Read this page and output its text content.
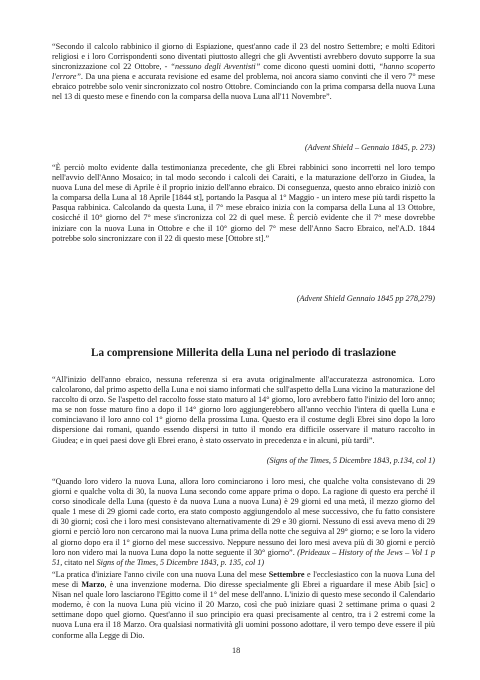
“Secondo il calcolo rabbinico il giorno di Espiazione, quest'anno cade il 23 del nostro Settembre; e molti Editori religiosi e i loro Corrispondenti sono diventati piuttosto allegri che gli Avventisti avrebbero dovuto supporre la sua sincronizzazione col 22 Ottobre, - “nessuno degli Avventisti” come dicono questi uomini dotti, “hanno scoperto l'errore”. Da una piena e accurata revisione ed esame del problema, noi ancora siamo convinti che il vero 7° mese ebraico potrebbe solo venir sincronizzato col nostro Ottobre. Cominciando con la prima comparsa della nuova Luna nel 13 di questo mese e finendo con la comparsa della nuova Luna all'11 Novembre”.

(Advent Shield – Gennaio 1845, p. 273)

“È perciò molto evidente dalla testimonianza precedente, che gli Ebrei rabbinici sono incorretti nel loro tempo nell'avvio dell'Anno Mosaico; in tal modo secondo i calcoli dei Caraiti, e la maturazione dell'orzo in Giudea, la nuova Luna del mese di Aprile è il proprio inizio dell'anno ebraico. Di conseguenza, questo anno ebraico iniziò con la comparsa della Luna al 18 Aprile [1844 st], portando la Pasqua al 1° Maggio - un intero mese più tardi rispetto la Pasqua rabbinica. Calcolando da questa Luna, il 7° mese ebraico inizia con la comparsa della Luna al 13 Ottobre, cosicché il 10° giorno del 7° mese s'incronizza col 22 di quel mese. È perciò evidente che il 7° mese dovrebbe iniziare con la nuova Luna in Ottobre e che il 10° giorno del 7° mese dell'Anno Sacro Ebraico, nel'A.D. 1844 potrebbe solo sincronizzare con il 22 di questo mese [Ottobre st].”

(Advent Shield Gennaio 1845 pp 278,279)
La comprensione Millerita della Luna nel periodo di traslazione

“All'inizio dell'anno ebraico, nessuna referenza si era avuta originalmente all'accuratezza astronomica. Loro calcolarono, dal primo aspetto della Luna e noi siamo informati che sull'aspetto della Luna vicino la maturazione del raccolto di orzo. Se l'aspetto del raccolto fosse stato maturo al 14° giorno, loro avrebbero fatto l'inizio del loro anno; ma se non fosse maturo fino a dopo il 14° giorno loro aggiungerebbero all'anno vecchio l'intera di quella Luna e cominciavano il loro anno col 1° giorno della prossima Luna. Questo era il costume degli Ebrei sino dopo la loro dispersione dai romani, quando essendo dispersi in tutto il mondo era difficile osservare il maturo raccolto in Giudea; e in quei paesi dove gli Ebrei erano, è stato osservato in precedenza e in alcuni, più tardi”.

(Signs of the Times, 5 Dicembre 1843, p.134, col 1)

“Quando loro videro la nuova Luna, allora loro cominciarono i loro mesi, che qualche volta consistevano di 29 giorni e qualche volta di 30, la nuova Luna secondo come appare prima o dopo. La ragione di questo era perché il corso sinodicale della Luna (questo è da nuova Luna a nuova Luna) è 29 giorni ed una metà, il mezzo giorno del quale 1 mese di 29 giorni cade corto, era stato composto aggiungendolo al mese successivo, che fu fatto consistere di 30 giorni; così che i loro mesi consistevano alternativamente di 29 e 30 giorni. Nessuno di essi aveva meno di 29 giorni e perciò loro non cercarono mai la nuova Luna prima della notte che seguiva al 29° giorno; e se loro la videro al giorno dopo era il 1° giorno del mese successivo. Neppure nessuno dei loro mesi aveva più di 30 giorni e perciò loro non videro mai la nuova Luna dopo la notte seguente il 30° giorno”. (Prideaux – History of the Jews – Vol 1 p 51, citato nel Signs of the Times, 5 Dicembre 1843, p. 135, col 1)

“La pratica d'iniziare l'anno civile con una nuova Luna del mese Settembre e l'ecclesiastico con la nuova Luna del mese di Marzo, è una invenzione moderna. Dio diresse specialmente gli Ebrei a riguardare il mese Abib [sic] o Nisan nel quale loro lasciarono l'Egitto come il 1° del mese dell'anno. L'inizio di questo mese secondo il Calendario moderno, è con la nuova Luna più vicino il 20 Marzo, così che può iniziare quasi 2 settimane prima o quasi 2 settimane dopo quel giorno. Quest'anno il suo principio era quasi precisamente al centro, tra i 2 estremi come la nuova Luna era il 18 Marzo. Ora qualsiasi normatività gli uomini possono adottare, il vero tempo deve essere il più conforme alla Legge di Dio.

18
